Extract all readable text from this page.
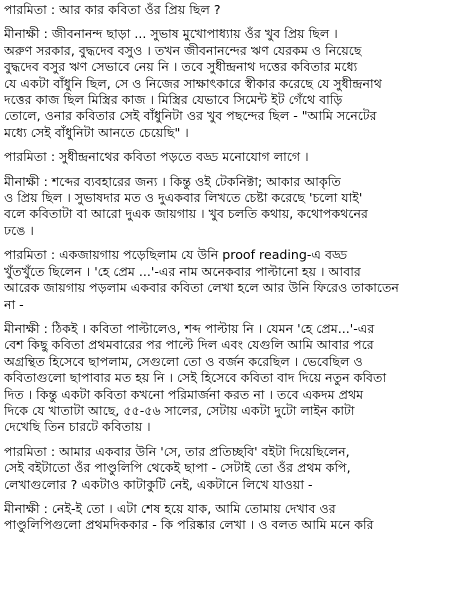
পারমিতা : আর কার কবিতা ওঁর প্রিয় ছিল ?
মীনাক্ষী : জীবনানন্দ ছাড়া ... সুভাষ মুখোপাধ্যায় ওঁর খুব প্রিয় ছিল ।
অরুণ সরকার, বুদ্ধদেব বসুও । তখন জীবনানন্দের ঋণ যেরকম ও নিয়েছে
বুদ্ধদেব বসুর ঋণ সেভাবে নেয় নি । তবে সুধীন্দ্রনাথ দত্তের কবিতার মধ্যে
যে একটা বাঁধুনি ছিল, সে ও নিজের সাক্ষাৎকারে স্বীকার করেছে যে সুধীন্দ্রনাথ
দত্তের কাজ ছিল মিস্ত্রির কাজ । মিস্ত্রির যেভাবে সিমেন্ট ইট গেঁথে বাড়ি
তোলে, ওনার কবিতার সেই বাঁধুনিটা ওর খুব পছন্দের ছিল - "আমি সনেটের
মধ্যে সেই বাঁধুনিটা আনতে চেয়েছি" ।
পারমিতা : সুধীন্দ্রনাথের কবিতা পড়তে বড্ড মনোযোগ লাগে ।
মীনাক্ষী : শব্দের ব্যবহারের জন্য । কিন্তু ওই টেকনিক্টা; আকার আকৃতি
ও প্রিয় ছিল । সুভাষদার মত ও দুএকবার লিখতে চেষ্টা করেছে 'চলো যাই'
বলে কবিতাটা বা আরো দুএক জায়গায় । খুব চলতি কথায়, কথোপকথনের
ঢঙে ।
পারমিতা : একজায়গায় পড়েছিলাম যে উনি proof reading-এ বড্ড
খুঁতখুঁতে ছিলেন । 'হে প্রেম ...'-এর নাম অনেকবার পাল্টানো হয় । আবার
আরেক জায়গায় পড়লাম একবার কবিতা লেখা হলে আর উনি ফিরেও তাকাতেন
না -
মীনাক্ষী : ঠিকই । কবিতা পাল্টালেও, শব্দ পাল্টায় নি । যেমন 'হে প্রেম...'-এর
বেশ কিছু কবিতা প্রথমবারের পর পাল্টে দিল এবং যেগুলি আমি আবার পরে
অগ্রন্থিত হিসেবে ছাপলাম, সেগুলো তো ও বর্জন করেছিল । ভেবেছিল ও
কবিতাগুলো ছাপাবার মত হয় নি । সেই হিসেবে কবিতা বাদ দিয়ে নতুন কবিতা
দিত । কিন্তু একটা কবিতা কখনো পরিমার্জনা করত না । তবে একদম প্রথম
দিকে যে খাতাটা আছে, ৫৫-৫৬ সালের, সেটায় একটা দুটো লাইন কাটা
দেখেছি তিন চারটে কবিতায় ।
পারমিতা : আমার একবার উনি 'সে, তার প্রতিচ্ছবি' বইটা দিয়েছিলেন,
সেই বইটাতো ওঁর পাণ্ডুলিপি থেকেই ছাপা - সেটাই তো ওঁর প্রথম কপি,
লেখাগুলোর ? একটাও কাটাকুটি নেই, একটানে লিখে যাওয়া -
মীনাক্ষী : নেই-ই তো । এটা শেষ হয়ে যাক, আমি তোমায় দেখাব ওর
পাণ্ডুলিপিগুলো প্রথমদিককার - কি পরিষ্কার লেখা । ও বলত আমি মনে করি
